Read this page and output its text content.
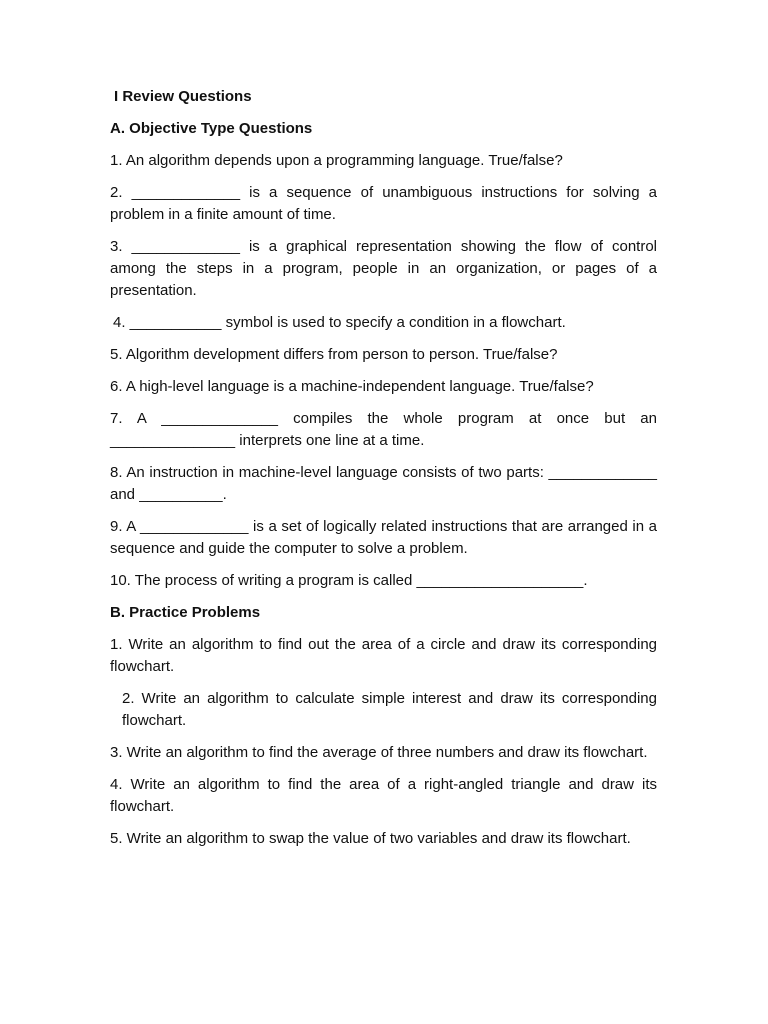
I Review Questions
A. Objective Type Questions
1. An algorithm depends upon a programming language. True/false?
2. _____________ is a sequence of unambiguous instructions for solving a problem in a finite amount of time.
3. _____________ is a graphical representation showing the flow of control among the steps in a program, people in an organization, or pages of a presentation.
4. ___________ symbol is used to specify a condition in a flowchart.
5. Algorithm development differs from person to person. True/false?
6. A high-level language is a machine-independent language. True/false?
7. A ______________ compiles the whole program at once but an _______________ interprets one line at a time.
8. An instruction in machine-level language consists of two parts: _____________ and __________.
9. A _____________ is a set of logically related instructions that are arranged in a sequence and guide the computer to solve a problem.
10. The process of writing a program is called ____________________.
B. Practice Problems
1. Write an algorithm to find out the area of a circle and draw its corresponding flowchart.
2. Write an algorithm to calculate simple interest and draw its corresponding flowchart.
3. Write an algorithm to find the average of three numbers and draw its flowchart.
4. Write an algorithm to find the area of a right-angled triangle and draw its flowchart.
5. Write an algorithm to swap the value of two variables and draw its flowchart.
